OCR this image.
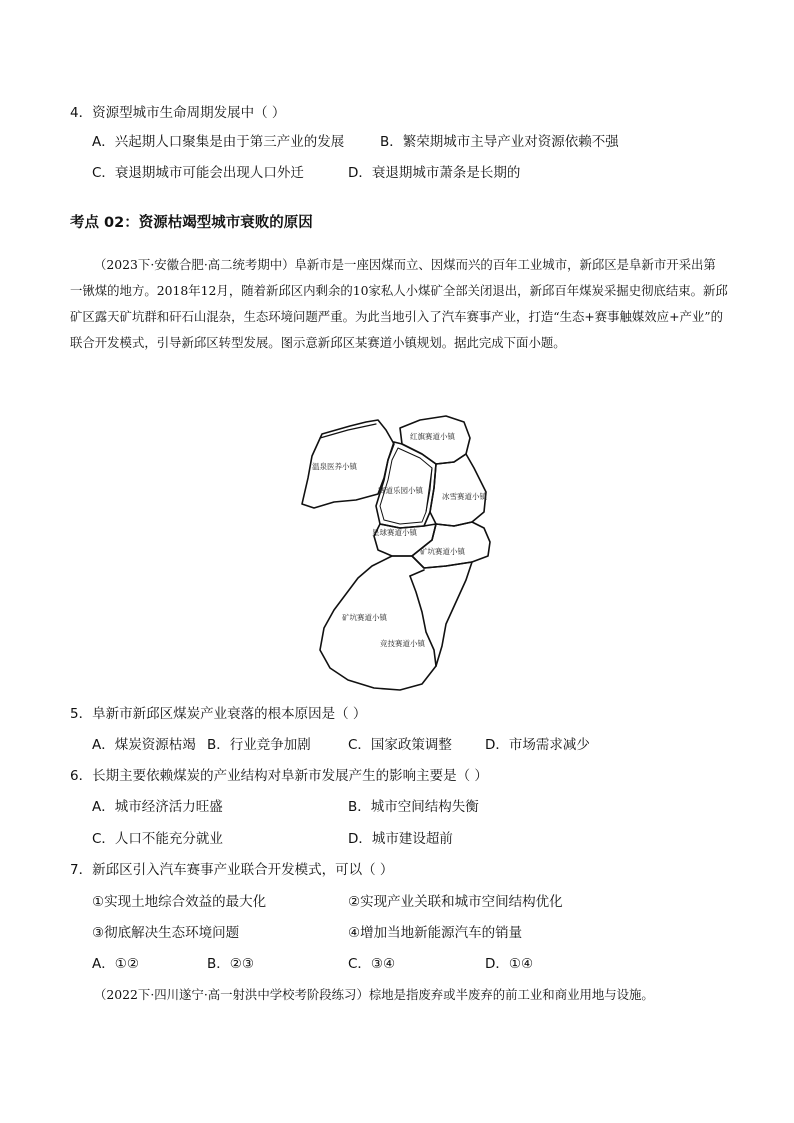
4．资源型城市生命周期发展中（ ）
A．兴起期人口聚集是由于第三产业的发展	B．繁荣期城市主导产业对资源依赖不强
C．衰退期城市可能会出现人口外迁	D．衰退期城市萧条是长期的
考点 02：资源枯竭型城市衰败的原因
（2023下·安徽合肥·高二统考期中）阜新市是一座因煤而立、因煤而兴的百年工业城市，新邱区是阜新市开采出第一锹煤的地方。2018年12月，随着新邱区内剩余的10家私人小煤矿全部关闭退出，新邱百年煤炭采掘史彻底结束。新邱矿区露天矿坑群和矸石山混杂，生态环境问题严重。为此当地引入了汽车赛事产业，打造“生态+赛事触媒效应+产业”的联合开发模式，引导新邱区转型发展。图示意新邱区某赛道小镇规划。据此完成下面小题。
红旗赛道小镇
温泉医养小镇
赛道乐园小镇
冰雪赛道小镇
星球赛道小镇
矿坑赛道小镇
矿坑赛道小镇
竞技赛道小镇
5．阜新市新邱区煤炭产业衰落的根本原因是（ ）
A．煤炭资源枯竭 B．行业竞争加剧	C．国家政策调整 D．市场需求减少
6．长期主要依赖煤炭的产业结构对阜新市发展产生的影响主要是（ ）
A．城市经济活力旺盛	B．城市空间结构失衡
C．人口不能充分就业	D．城市建设超前
7．新邱区引入汽车赛事产业联合开发模式，可以（ ）
①实现土地综合效益的最大化	②实现产业关联和城市空间结构优化
③彻底解决生态环境问题	④增加当地新能源汽车的销量
A．①②	B．②③	C．③④	D．①④
（2022下·四川遂宁·高一射洪中学校考阶段练习）棕地是指废弃或半废弃的前工业和商业用地与设施。
